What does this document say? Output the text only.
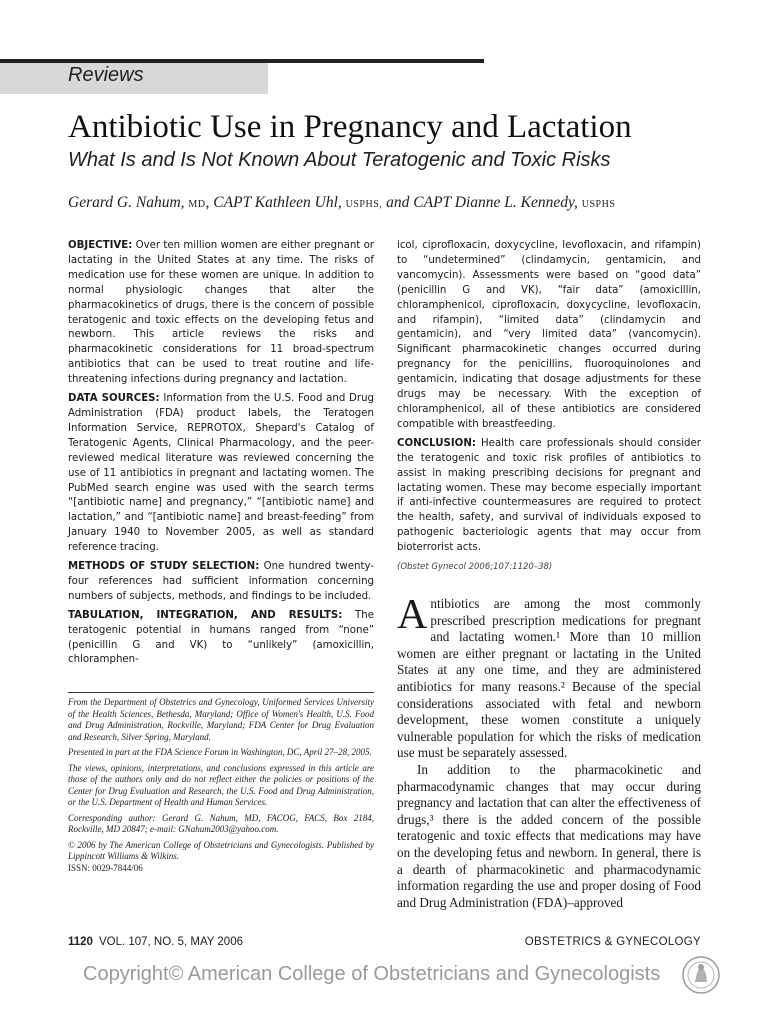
Reviews
Antibiotic Use in Pregnancy and Lactation
What Is and Is Not Known About Teratogenic and Toxic Risks
Gerard G. Nahum, MD, CAPT Kathleen Uhl, USPHS, and CAPT Dianne L. Kennedy, USPHS

OBJECTIVE: Over ten million women are either pregnant or lactating in the United States at any time. The risks of medication use for these women are unique. In addition to normal physiologic changes that alter the pharmacokinetics of drugs, there is the concern of possible teratogenic and toxic effects on the developing fetus and newborn. This article reviews the risks and pharmacokinetic considerations for 11 broad-spectrum antibiotics that can be used to treat routine and life-threatening infections during pregnancy and lactation.

DATA SOURCES: Information from the U.S. Food and Drug Administration (FDA) product labels, the Teratogen Information Service, REPROTOX, Shepard's Catalog of Teratogenic Agents, Clinical Pharmacology, and the peer-reviewed medical literature was reviewed concerning the use of 11 antibiotics in pregnant and lactating women. The PubMed search engine was used with the search terms “[antibiotic name] and pregnancy,” “[antibiotic name] and lactation,” and “[antibiotic name] and breast-feeding” from January 1940 to November 2005, as well as standard reference tracing.

METHODS OF STUDY SELECTION: One hundred twenty-four references had sufficient information concerning numbers of subjects, methods, and findings to be included.

TABULATION, INTEGRATION, AND RESULTS: The teratogenic potential in humans ranged from “none” (penicillin G and VK) to “unlikely” (amoxicillin, chloramphen-

icol, ciprofloxacin, doxycycline, levofloxacin, and rifampin) to “undetermined” (clindamycin, gentamicin, and vancomycin). Assessments were based on “good data” (penicillin G and VK), “fair data” (amoxicillin, chloramphenicol, ciprofloxacin, doxycycline, levofloxacin, and rifampin), “limited data” (clindamycin and gentamicin), and “very limited data” (vancomycin). Significant pharmacokinetic changes occurred during pregnancy for the penicillins, fluoroquinolones and gentamicin, indicating that dosage adjustments for these drugs may be necessary. With the exception of chloramphenicol, all of these antibiotics are considered compatible with breastfeeding.

CONCLUSION: Health care professionals should consider the teratogenic and toxic risk profiles of antibiotics to assist in making prescribing decisions for pregnant and lactating women. These may become especially important if anti-infective countermeasures are required to protect the health, safety, and survival of individuals exposed to pathogenic bacteriologic agents that may occur from bioterrorist acts.

(Obstet Gynecol 2006;107:1120–38)

Antibiotics are among the most commonly prescribed prescription medications for pregnant and lactating women.¹ More than 10 million women are either pregnant or lactating in the United States at any one time, and they are administered antibiotics for many reasons.² Because of the special considerations associated with fetal and newborn development, these women constitute a uniquely vulnerable population for which the risks of medication use must be separately assessed.

In addition to the pharmacokinetic and pharmacodynamic changes that may occur during pregnancy and lactation that can alter the effectiveness of drugs,³ there is the added concern of the possible teratogenic and toxic effects that medications may have on the developing fetus and newborn. In general, there is a dearth of pharmacokinetic and pharmacodynamic information regarding the use and proper dosing of Food and Drug Administration (FDA)–approved

From the Department of Obstetrics and Gynecology, Uniformed Services University of the Health Sciences, Bethesda, Maryland; Office of Women's Health, U.S. Food and Drug Administration, Rockville, Maryland; FDA Center for Drug Evaluation and Research, Silver Spring, Maryland.

Presented in part at the FDA Science Forum in Washington, DC, April 27–28, 2005.

The views, opinions, interpretations, and conclusions expressed in this article are those of the authors only and do not reflect either the policies or positions of the Center for Drug Evaluation and Research, the U.S. Food and Drug Administration, or the U.S. Department of Health and Human Services.

Corresponding author: Gerard G. Nahum, MD, FACOG, FACS, Box 2184, Rockville, MD 20847; e-mail: GNahum2003@yahoo.com.

© 2006 by The American College of Obstetricians and Gynecologists. Published by Lippincott Williams & Wilkins.

ISSN: 0029-7844/06

1120 VOL. 107, NO. 5, MAY 2006	OBSTETRICS & GYNECOLOGY
Copyright© American College of Obstetricians and Gynecologists
